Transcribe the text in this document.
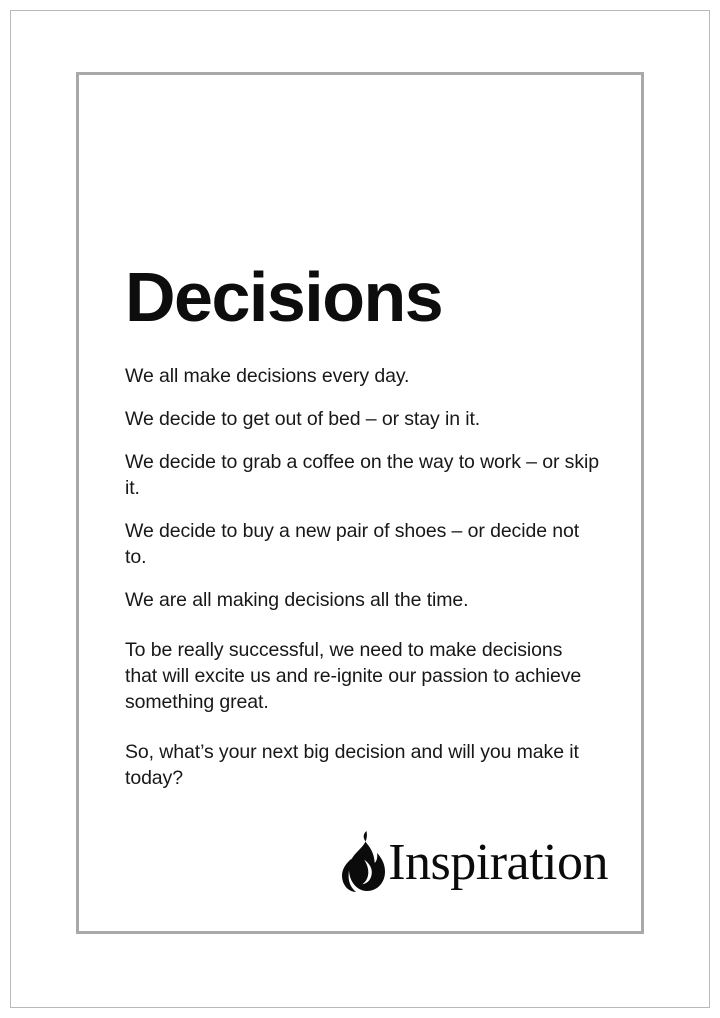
Decisions

We all make decisions every day.

We decide to get out of bed – or stay in it.

We decide to grab a coffee on the way to work – or skip it.

We decide to buy a new pair of shoes – or decide not to.

We are all making decisions all the time.

To be really successful, we need to make decisions that will excite us and re-ignite our passion to achieve something great.

So, what’s your next big decision and will you make it today?

Inspiration
